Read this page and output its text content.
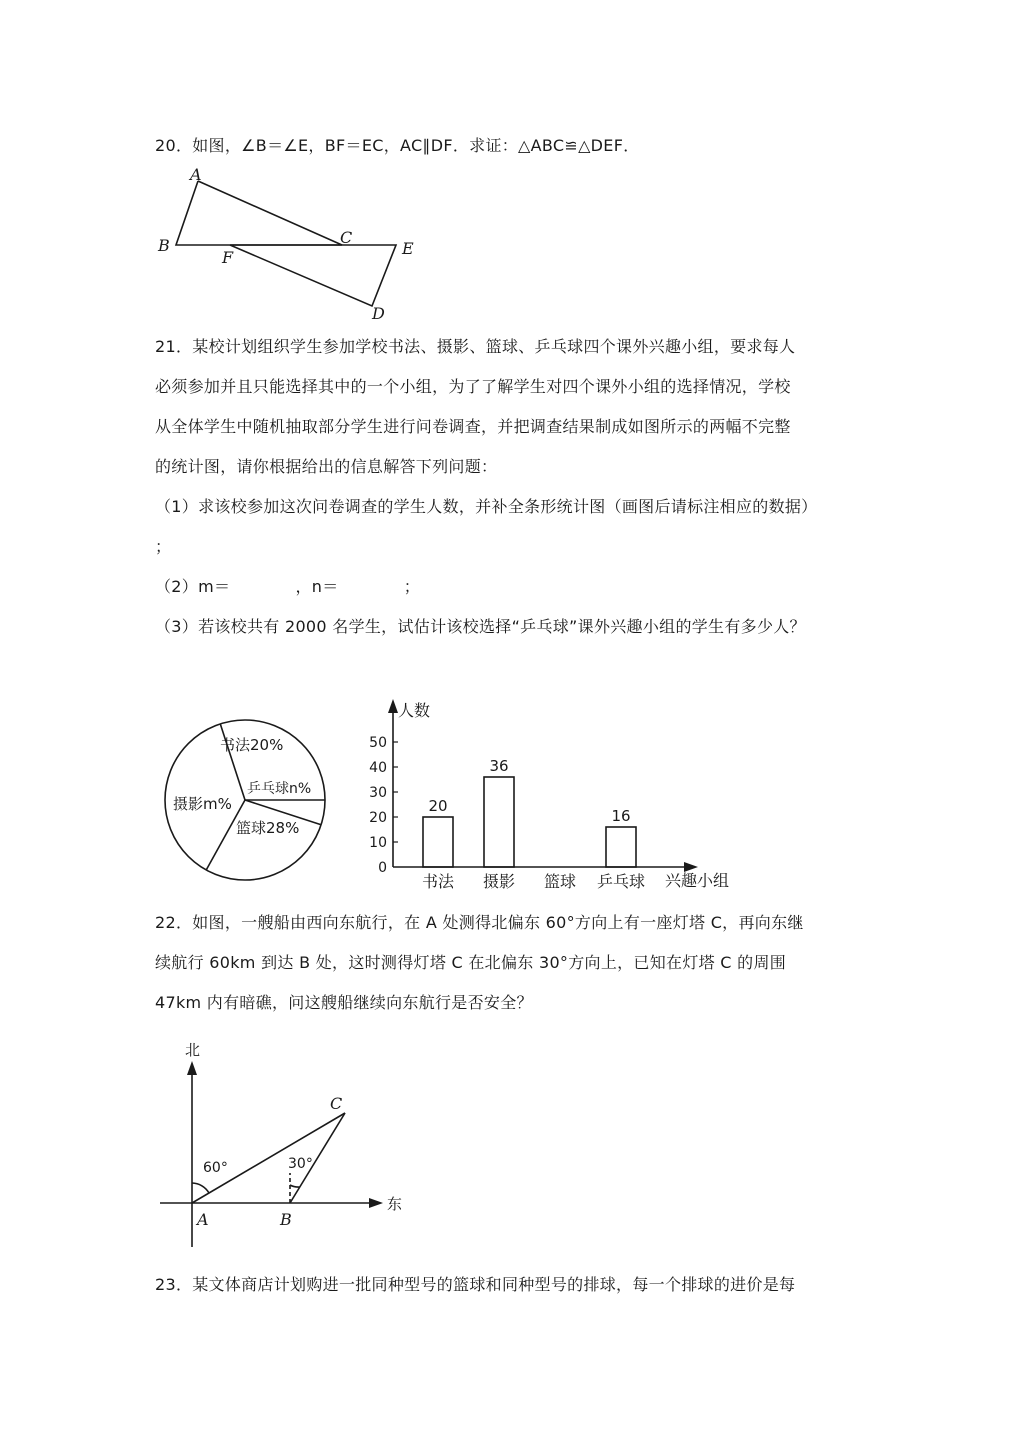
20．如图，∠B＝∠E，BF＝EC，AC∥DF．求证：△ABC≌△DEF．
A
B	C
E
F
D
21．某校计划组织学生参加学校书法、摄影、篮球、乒乓球四个课外兴趣小组，要求每人
必须参加并且只能选择其中的一个小组，为了了解学生对四个课外小组的选择情况，学校
从全体学生中随机抽取部分学生进行问卷调查，并把调查结果制成如图所示的两幅不完整
的统计图，请你根据给出的信息解答下列问题：
（1）求该校参加这次问卷调查的学生人数，并补全条形统计图（画图后请标注相应的数据）
；
（2）m＝　　　　，n＝　　　　；
（3）若该校共有 2000 名学生，试估计该校选择“乒乓球”课外兴趣小组的学生有多少人？
书法20%
乒乓球n%
篮球28%
摄影m%
人数
兴趣小组
0
10
20
30
40
50
书法
20
摄影
36
篮球 乒乓球
16
22．如图，一艘船由西向东航行，在 A 处测得北偏东 60°方向上有一座灯塔 C，再向东继
续航行 60km 到达 B 处，这时测得灯塔 C 在北偏东 30°方向上，已知在灯塔 C 的周围
47km 内有暗礁，问这艘船继续向东航行是否安全？
北
东
A	B
C
60°	30°
23．某文体商店计划购进一批同种型号的篮球和同种型号的排球，每一个排球的进价是每
